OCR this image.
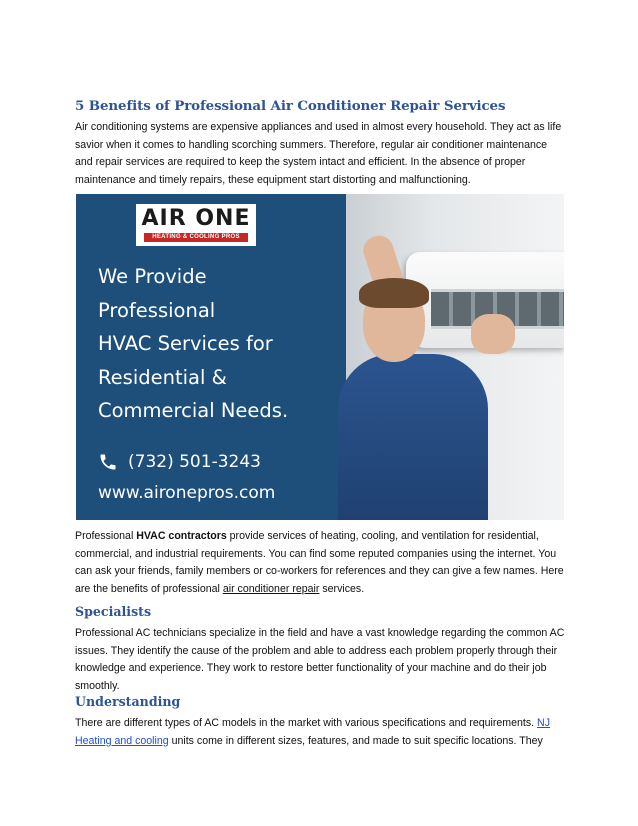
5 Benefits of Professional Air Conditioner Repair Services

Air conditioning systems are expensive appliances and used in almost every household. They act as life savior when it comes to handling scorching summers. Therefore, regular air conditioner maintenance and repair services are required to keep the system intact and efficient. In the absence of proper maintenance and timely repairs, these equipment start distorting and malfunctioning.

Professional HVAC contractors provide services of heating, cooling, and ventilation for residential, commercial, and industrial requirements. You can find some reputed companies using the internet. You can ask your friends, family members or co-workers for references and they can give a few names. Here are the benefits of professional air conditioner repair services.

Specialists

Professional AC technicians specialize in the field and have a vast knowledge regarding the common AC issues. They identify the cause of the problem and able to address each problem properly through their knowledge and experience. They work to restore better functionality of your machine and do their job smoothly.

Understanding

There are different types of AC models in the market with various specifications and requirements. NJ Heating and cooling units come in different sizes, features, and made to suit specific locations. They

AIR ONE
HEATING & COOLING PROS
We Provide
Professional
HVAC Services for
Residential &
Commercial Needs.
(732) 501-3243
www.aironepros.com
